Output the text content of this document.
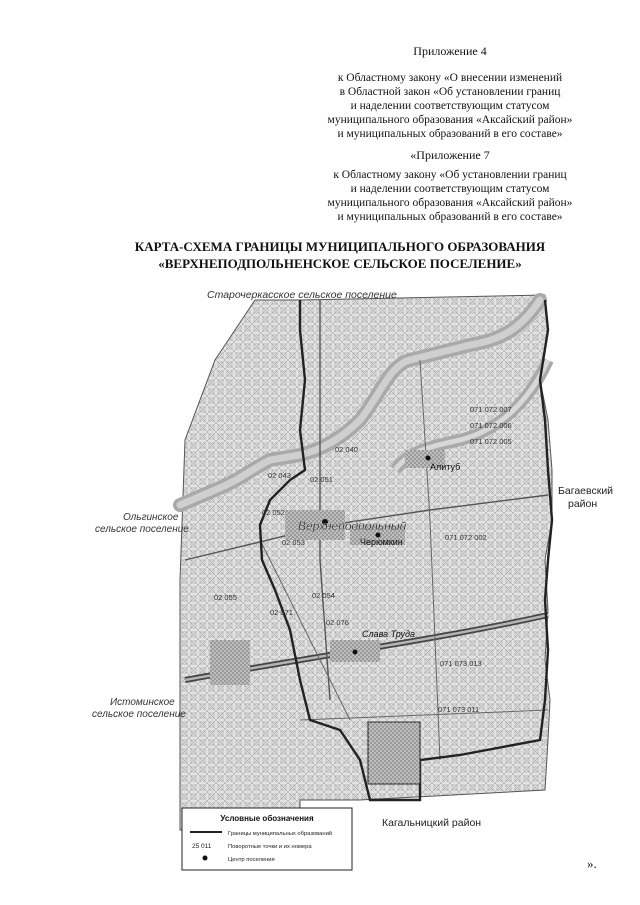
Приложение 4
к Областному закону «О внесении изменений
в Областной закон «Об установлении границ
и наделении соответствующим статусом
муниципального образования «Аксайский район»
и муниципальных образований в его составе»
«Приложение 7
к Областному закону «Об установлении границ
и наделении соответствующим статусом
муниципального образования «Аксайский район»
и муниципальных образований в его составе»
КАРТА-СХЕМА ГРАНИЦЫ МУНИЦИПАЛЬНОГО ОБРАЗОВАНИЯ
«ВЕРХНЕПОДПОЛЬНЕНСКОЕ СЕЛЬСКОЕ ПОСЕЛЕНИЕ»
Старочеркасское сельское поселение
Ольгинское
сельское поселение
Истоминское
сельское поселение
Багаевский
район
Кагальницкий район
Верхнеподпольный
Алитуб
Черюмкин
Слава Труда
02 040
02 043	02 051
02 052
02 053
02 054
02 055
02 071
02 076
071 072 002
071 073 013
071 073 011
071 072 007
071 072 006
071 072 005
Условные обозначения
Границы муниципальных образований
25 011	Поворотные точки и их номера
Центр поселения	».
